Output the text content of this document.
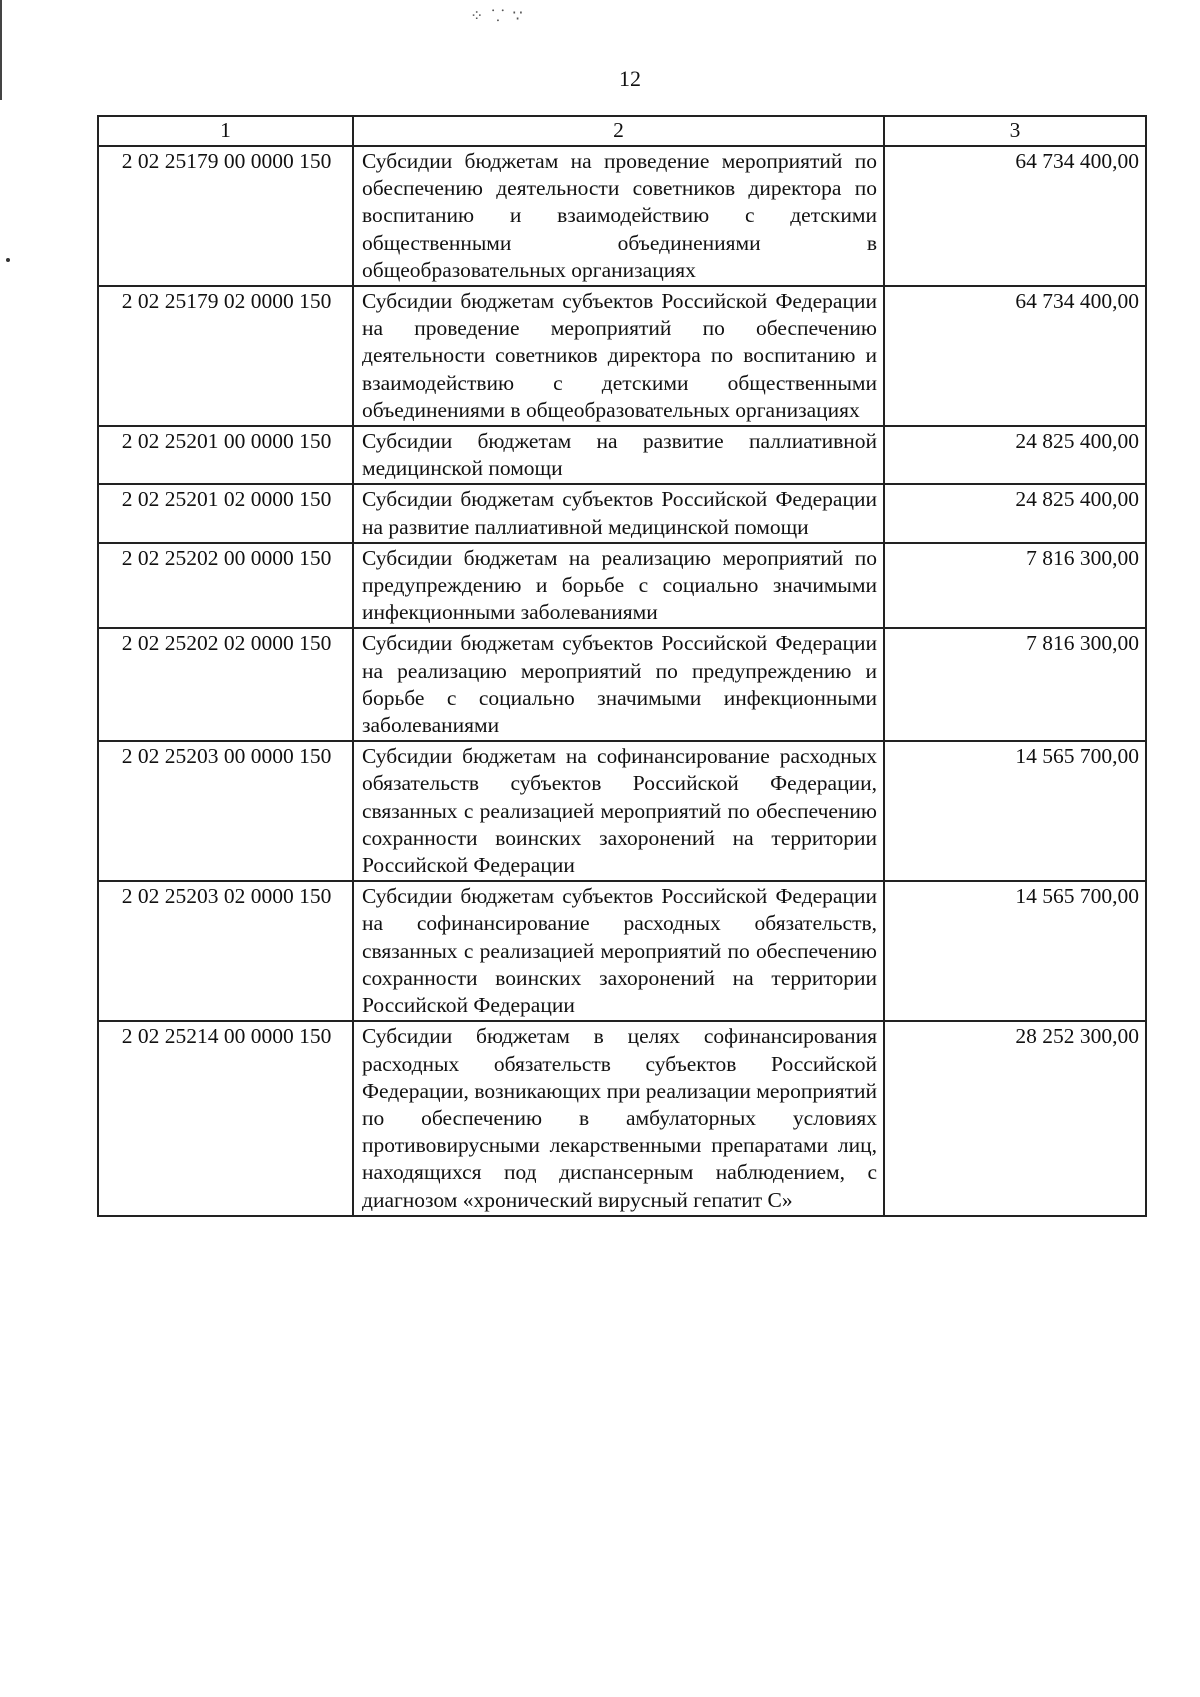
⁘ ⸪ ∵
12
1	2	3
2 02 25179 00 0000 150	Субсидии бюджетам на проведение мероприятий по обеспечению деятельности советников директора по воспитанию и взаимодействию с детскими общественными объединениями в общеобразовательных организациях	64 734 400,00
2 02 25179 02 0000 150	Субсидии бюджетам субъектов Российской Федерации на проведение мероприятий по обеспечению деятельности советников директора по воспитанию и взаимодействию с детскими общественными объединениями в общеобразовательных организациях	64 734 400,00
2 02 25201 00 0000 150	Субсидии бюджетам на развитие паллиативной медицинской помощи	24 825 400,00
2 02 25201 02 0000 150	Субсидии бюджетам субъектов Российской Федерации на развитие паллиативной медицинской помощи	24 825 400,00
2 02 25202 00 0000 150	Субсидии бюджетам на реализацию мероприятий по предупреждению и борьбе с социально значимыми инфекционными заболеваниями	7 816 300,00
2 02 25202 02 0000 150	Субсидии бюджетам субъектов Российской Федерации на реализацию мероприятий по предупреждению и борьбе с социально значимыми инфекционными заболеваниями	7 816 300,00
2 02 25203 00 0000 150	Субсидии бюджетам на софинансирование расходных обязательств субъектов Российской Федерации, связанных с реализацией мероприятий по обеспечению сохранности воинских захоронений на территории Российской Федерации	14 565 700,00
2 02 25203 02 0000 150	Субсидии бюджетам субъектов Российской Федерации на софинансирование расходных обязательств, связанных с реализацией мероприятий по обеспечению сохранности воинских захоронений на территории Российской Федерации	14 565 700,00
2 02 25214 00 0000 150	Субсидии бюджетам в целях софинансирования расходных обязательств субъектов Российской Федерации, возникающих при реализации мероприятий по обеспечению в амбулаторных условиях противовирусными лекарственными препаратами лиц, находящихся под диспансерным наблюдением, с диагнозом «хронический вирусный гепатит С»	28 252 300,00
